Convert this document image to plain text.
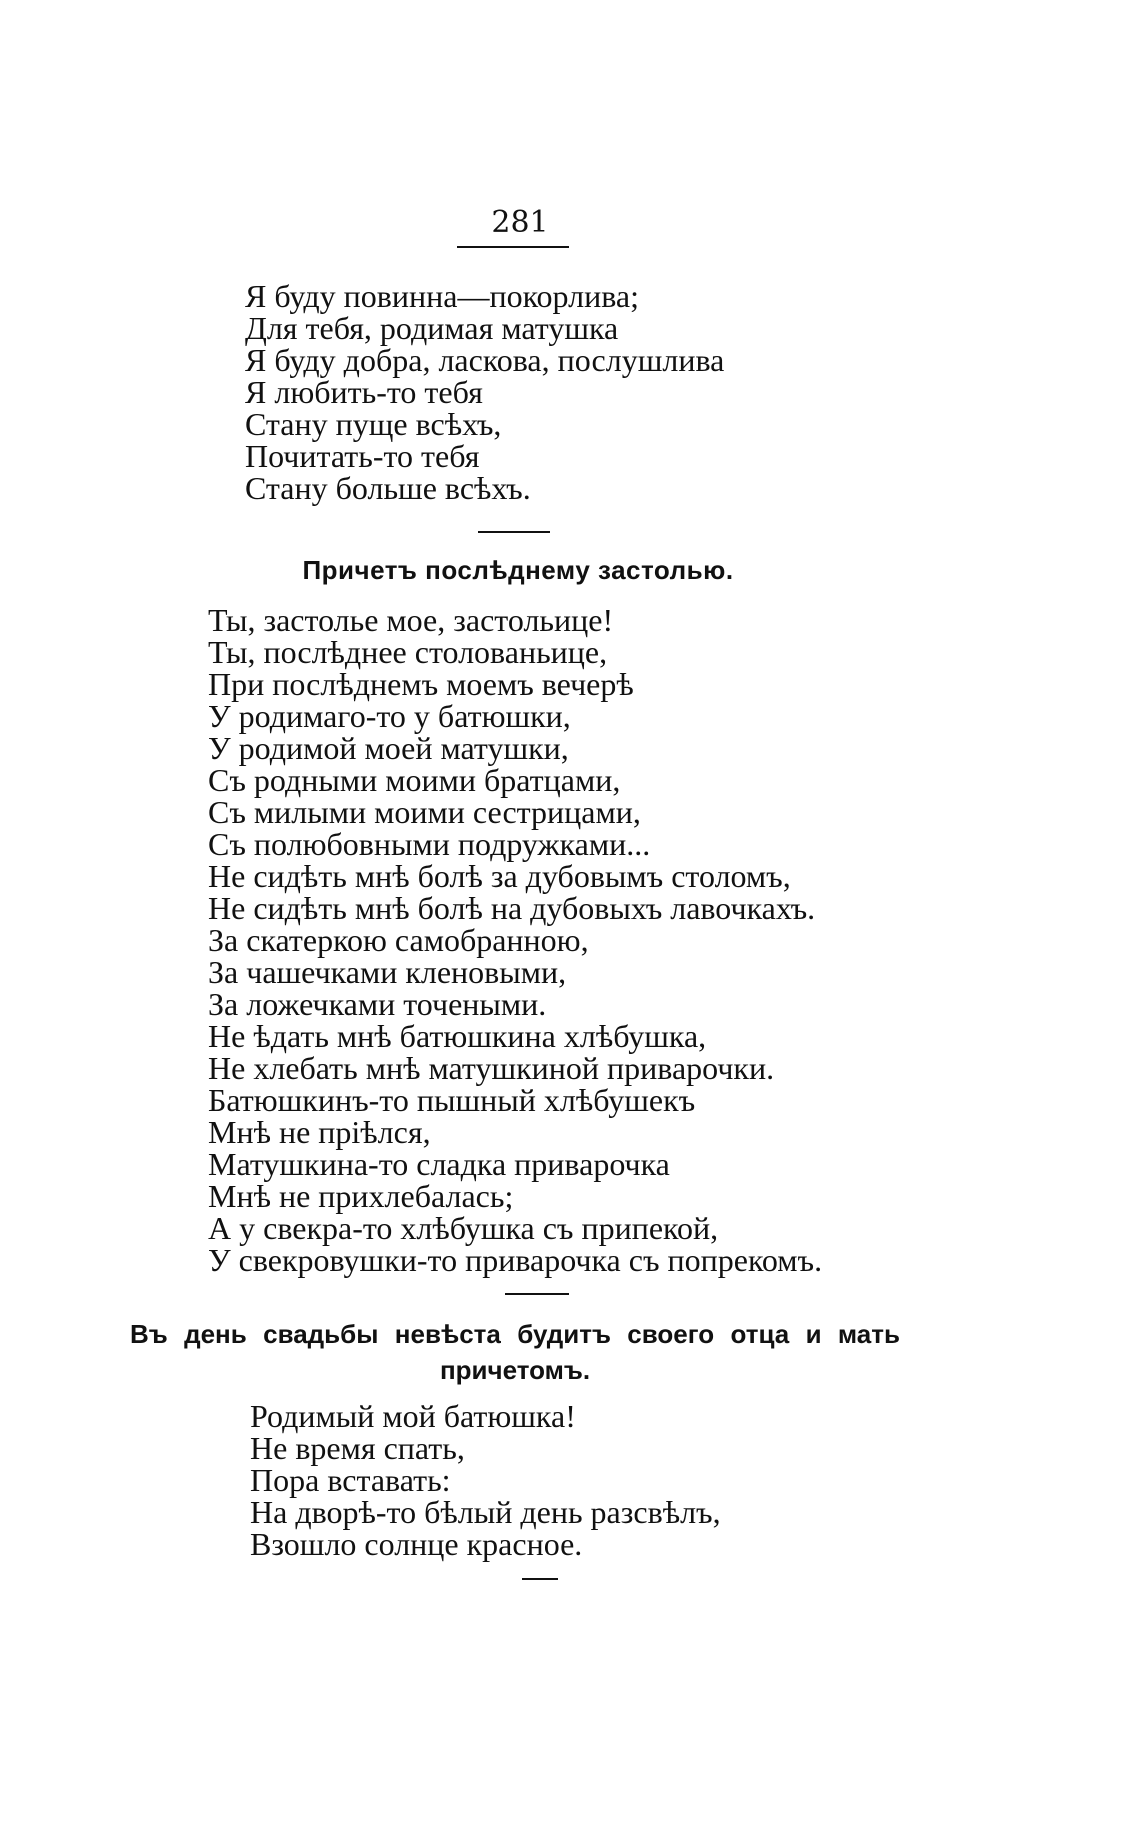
281
Я буду повинна—покорлива;
Для тебя, родимая матушка
Я буду добра, ласкова, послушлива
Я любить-то тебя
Стану пуще всѣхъ,
Почитать-то тебя
Стану больше всѣхъ.
Причетъ послѣднему застолью.
Ты, застолье мое, застольице!
Ты, послѣднее столованьице,
При послѣднемъ моемъ вечерѣ
У родимаго-то у батюшки,
У родимой моей матушки,
Съ родными моими братцами,
Съ милыми моими сестрицами,
Съ полюбовными подружками...
Не сидѣть мнѣ болѣ за дубовымъ столомъ,
Не сидѣть мнѣ болѣ на дубовыхъ лавочкахъ.
За скатеркою самобранною,
За чашечками кленовыми,
За ложечками точеными.
Не ѣдать мнѣ батюшкина хлѣбушка,
Не хлебать мнѣ матушкиной приварочки.
Батюшкинъ-то пышный хлѣбушекъ
Мнѣ не прiѣлся,
Матушкина-то сладка приварочка
Мнѣ не прихлебалась;
А у свекра-то хлѣбушка съ припекой,
У свекровушки-то приварочка съ попрекомъ.
Въ день свадьбы невѣста будитъ своего отца и мать
причетомъ.
Родимый мой батюшка!
Не время спать,
Пора вставать:
На дворѣ-то бѣлый день разсвѣлъ,
Взошло солнце красное.
